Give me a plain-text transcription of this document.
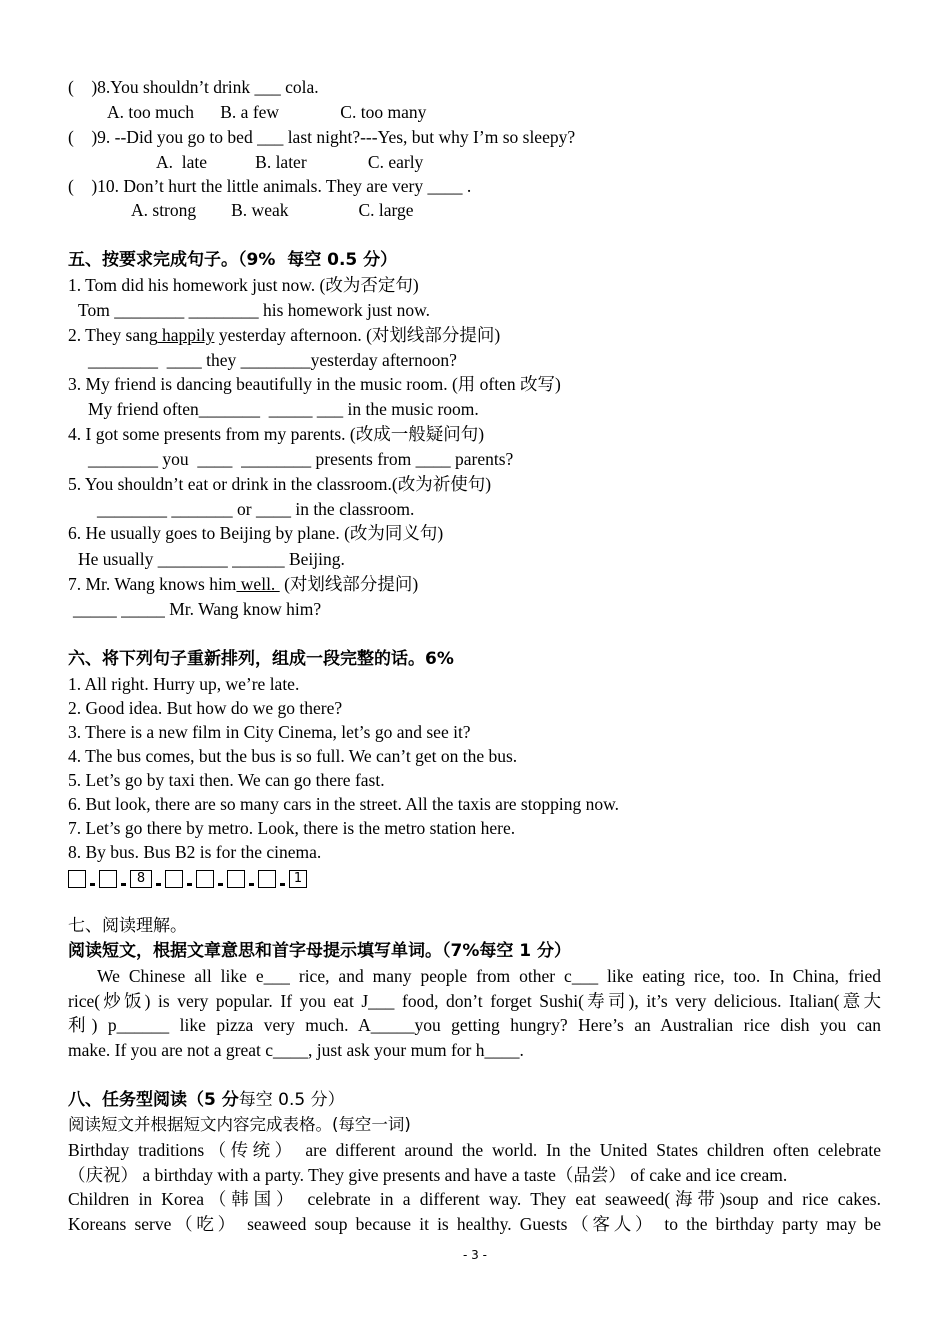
(    )8.You shouldn’t drink ___ cola.
A. too much      B. a few              C. too many
(    )9. --Did you go to bed ___ last night?---Yes, but why I’m so sleepy?
A.  late           B. later              C. early
(    )10. Don’t hurt the little animals. They are very ____ .
A. strong        B. weak                C. large
五、按要求完成句子。（9%  每空 0.5 分）
1. Tom did his homework just now. (改为否定句)
Tom ________ ________ his homework just now.
2. They sang happily yesterday afternoon. (对划线部分提问)
________  ____ they ________yesterday afternoon?
3. My friend is dancing beautifully in the music room. (用 often 改写)
My friend often_______  _____ ___ in the music room.
4. I got some presents from my parents. (改成一般疑问句)
________ you  ____  ________ presents from ____ parents?
5. You shouldn’t eat or drink in the classroom.(改为祈使句)
________ _______ or ____ in the classroom.
6. He usually goes to Beijing by plane. (改为同义句)
He usually ________ ______ Beijing.
7. Mr. Wang knows him well.  (对划线部分提问)
_____ _____ Mr. Wang know him?
六、将下列句子重新排列，组成一段完整的话。6%
1. All right. Hurry up, we’re late.
2. Good idea. But how do we go there?
3. There is a new film in City Cinema, let’s go and see it?
4. The bus comes, but the bus is so full. We can’t get on the bus.
5. Let’s go by taxi then. We can go there fast.
6. But look, there are so many cars in the street. All the taxis are stopping now.
7. Let’s go there by metro. Look, there is the metro station here.
8. By bus. Bus B2 is for the cinema.
8	1
七、阅读理解。
阅读短文，根据文章意思和首字母提示填写单词。（7%每空 1 分）
We Chinese all like e___ rice, and many people from other c___ like eating rice, too. In China, fried
rice(炒饭) is very popular. If you eat J___ food, don’t forget Sushi(寿司), it’s very delicious. Italian(意大
利) p______ like pizza very much. A_____you getting hungry? Here’s an Australian rice dish you can
make. If you are not a great c____, just ask your mum for h____.
八、任务型阅读（5 分每空 0.5 分）
阅读短文并根据短文内容完成表格。(每空一词)
Birthday traditions（传统） are different around the world. In the United States children often celebrate
（庆祝） a birthday with a party. They give presents and have a taste（品尝） of cake and ice cream.
Children in Korea（韩国） celebrate in a different way. They eat seaweed(海带)soup and rice cakes.
Koreans serve（吃） seaweed soup because it is healthy. Guests（客人） to the birthday party may be
- 3 -
